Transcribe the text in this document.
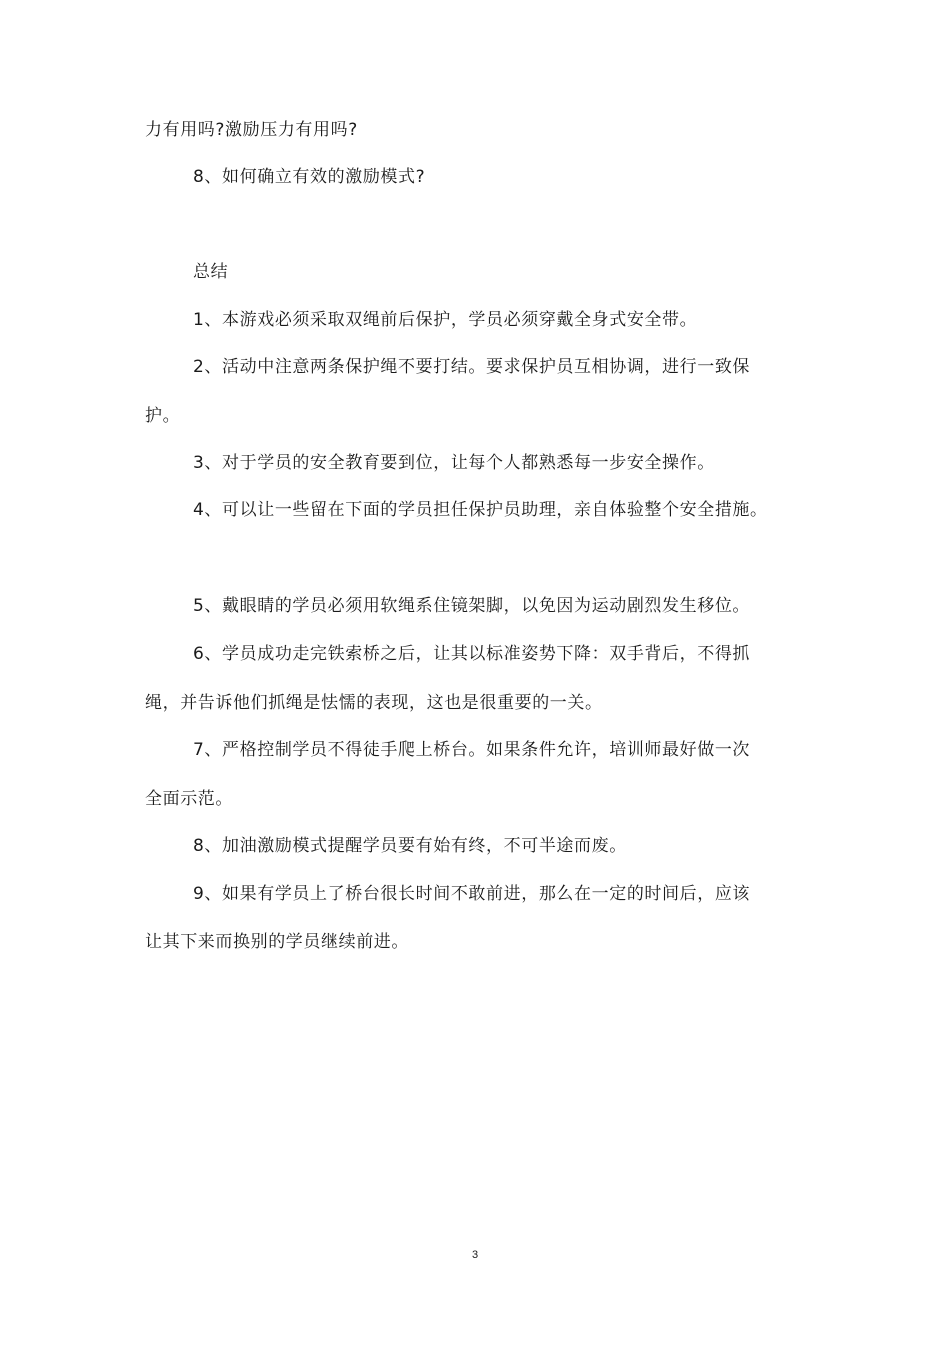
力有用吗?激励压力有用吗?
8、如何确立有效的激励模式?
总结
1、本游戏必须采取双绳前后保护，学员必须穿戴全身式安全带。
2、活动中注意两条保护绳不要打结。要求保护员互相协调，进行一致保
护。
3、对于学员的安全教育要到位，让每个人都熟悉每一步安全操作。
4、可以让一些留在下面的学员担任保护员助理，亲自体验整个安全措施。
5、戴眼睛的学员必须用软绳系住镜架脚，以免因为运动剧烈发生移位。
6、学员成功走完铁索桥之后，让其以标准姿势下降：双手背后，不得抓
绳，并告诉他们抓绳是怯懦的表现，这也是很重要的一关。
7、严格控制学员不得徒手爬上桥台。如果条件允许，培训师最好做一次
全面示范。
8、加油激励模式提醒学员要有始有终，不可半途而废。
9、如果有学员上了桥台很长时间不敢前进，那么在一定的时间后，应该
让其下来而换别的学员继续前进。
3
